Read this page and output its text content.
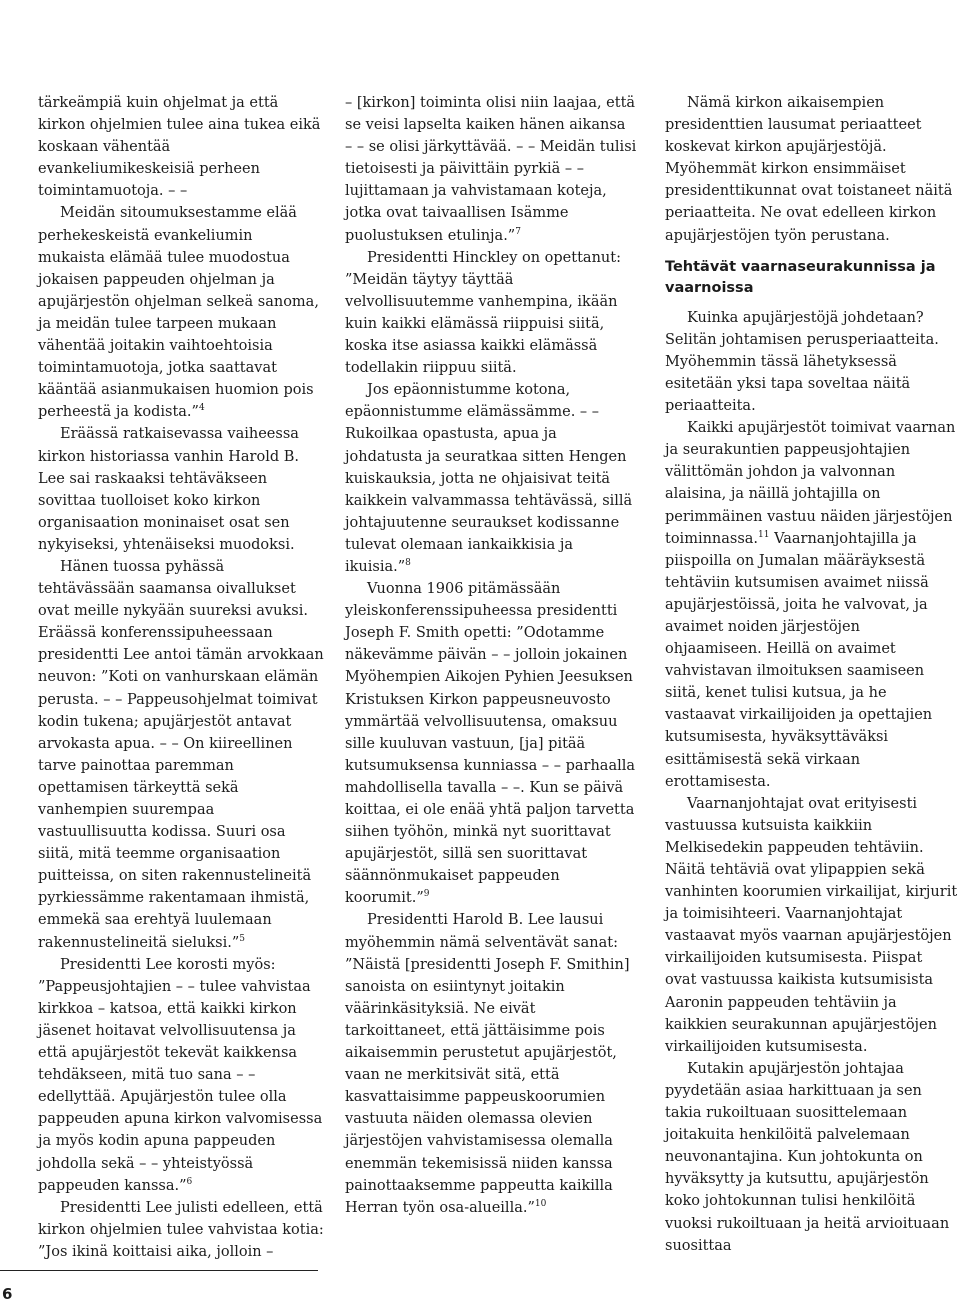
tärkeämpiä kuin ohjelmat ja että kirkon ohjelmien tulee aina tukea eikä koskaan vähentää evankeliumikeskeisiä perheen toimintamuotoja. – –

Meidän sitoumuksestamme elää perhekeskeistä evankeliumin mukaista elämää tulee muodostua jokaisen pappeuden ohjelman ja apujärjestön ohjelman selkeä sanoma, ja meidän tulee tarpeen mukaan vähentää joitakin vaihtoehtoisia toimintamuotoja, jotka saattavat kääntää asianmukaisen huomion pois perheestä ja kodista.”$^4$

Eräässä ratkaisevassa vaiheessa kirkon historiassa vanhin Harold B. Lee sai raskaaksi tehtäväkseen sovittaa tuolloiset koko kirkon organisaation moninaiset osat sen nykyiseksi, yhtenäiseksi muodoksi.

Hänen tuossa pyhässä tehtävässään saamansa oivallukset ovat meille nykyään suureksi avuksi. Eräässä konferenssipuheessaan presidentti Lee antoi tämän arvokkaan neuvon: ”Koti on vanhurskaan elämän perusta. – – Pappeusohjelmat toimivat kodin tukena; apujärjestöt antavat arvokasta apua. – – On kiireellinen tarve painottaa paremman opettamisen tärkeyttä sekä vanhempien suurempaa vastuullisuutta kodissa. Suuri osa siitä, mitä teemme organisaation puitteissa, on siten rakennustelineitä pyrkiessämme rakentamaan ihmistä, emmekä saa erehtyä luulemaan rakennustelineitä sieluksi.”$^5$

Presidentti Lee korosti myös: ”Pappeusjohtajien – – tulee vahvistaa kirkkoa – katsoa, että kaikki kirkon jäsenet hoitavat velvollisuutensa ja että apujärjestöt tekevät kaikkensa tehdäkseen, mitä tuo sana – – edellyttää. Apujärjestön tulee olla pappeuden apuna kirkon valvomisessa ja myös kodin apuna pappeuden johdolla sekä – – yhteistyössä pappeuden kanssa.”$^6$

Presidentti Lee julisti edelleen, että kirkon ohjelmien tulee vahvistaa kotia: ”Jos ikinä koittaisi aika, jolloin –

– [kirkon] toiminta olisi niin laajaa, että se veisi lapselta kaiken hänen aikansa – – se olisi järkyttävää. – – Meidän tulisi tietoisesti ja päivittäin pyrkiä – – lujittamaan ja vahvistamaan koteja, jotka ovat taivaallisen Isämme puolustuksen etulinja.”$^7$

Presidentti Hinckley on opettanut: ”Meidän täytyy täyttää velvollisuutemme vanhempina, ikään kuin kaikki elämässä riippuisi siitä, koska itse asiassa kaikki elämässä todellakin riippuu siitä.

Jos epäonnistumme kotona, epäonnistumme elämässämme. – – Rukoilkaa opastusta, apua ja johdatusta ja seuratkaa sitten Hengen kuiskauksia, jotta ne ohjaisivat teitä kaikkein valvammassa tehtävässä, sillä johtajuutenne seuraukset kodissanne tulevat olemaan iankaikkisia ja ikuisia.”$^8$

Vuonna 1906 pitämässään yleiskonferenssipuheessa presidentti Joseph F. Smith opetti: ”Odotamme näkevämme päivän – – jolloin jokainen Myöhempien Aikojen Pyhien Jeesuksen Kristuksen Kirkon pappeusneuvosto ymmärtää velvollisuutensa, omaksuu sille kuuluvan vastuun, [ja] pitää kutsumuksensa kunniassa – – parhaalla mahdollisella tavalla – –. Kun se päivä koittaa, ei ole enää yhtä paljon tarvetta siihen työhön, minkä nyt suorittavat apujärjestöt, sillä sen suorittavat säännönmukaiset pappeuden koorumit.”$^9$

Presidentti Harold B. Lee lausui myöhemmin nämä selventävät sanat: ”Näistä [presidentti Joseph F. Smithin] sanoista on esiintynyt joitakin väärinkäsityksiä. Ne eivät tarkoittaneet, että jättäisimme pois aikaisemmin perustetut apujärjestöt, vaan ne merkitsivät sitä, että kasvattaisimme pappeuskoorumien vastuuta näiden olemassa olevien järjestöjen vahvistamisessa olemalla enemmän tekemisissä niiden kanssa painottaaksemme pappeutta kaikilla Herran työn osa-alueilla.”$^{10}$

Nämä kirkon aikaisempien presidenttien lausumat periaatteet koskevat kirkon apujärjestöjä. Myöhemmät kirkon ensimmäiset presidenttikunnat ovat toistaneet näitä periaatteita. Ne ovat edelleen kirkon apujärjestöjen työn perustana.

Tehtävät vaarnaseurakunnissa ja vaarnoissa

Kuinka apujärjestöjä johdetaan? Selitän johtamisen perusperiaatteita. Myöhemmin tässä lähetyksessä esitetään yksi tapa soveltaa näitä periaatteita.

Kaikki apujärjestöt toimivat vaarnan ja seurakuntien pappeusjohtajien välittömän johdon ja valvonnan alaisina, ja näillä johtajilla on perimmäinen vastuu näiden järjestöjen toiminnassa.$^{11}$ Vaarnanjohtajilla ja piispoilla on Jumalan määräyksestä tehtäviin kutsumisen avaimet niissä apujärjestöissä, joita he valvovat, ja avaimet noiden järjestöjen ohjaamiseen. Heillä on avaimet vahvistavan ilmoituksen saamiseen siitä, kenet tulisi kutsua, ja he vastaavat virkailijoiden ja opettajien kutsumisesta, hyväksyttäväksi esittämisestä sekä virkaan erottamisesta.

Vaarnanjohtajat ovat erityisesti vastuussa kutsuista kaikkiin Melkisedekin pappeuden tehtäviin. Näitä tehtäviä ovat ylipappien sekä vanhinten koorumien virkailijat, kirjurit ja toimisihteeri. Vaarnanjohtajat vastaavat myös vaarnan apujärjestöjen virkailijoiden kutsumisesta. Piispat ovat vastuussa kaikista kutsumisista Aaronin pappeuden tehtäviin ja kaikkien seurakunnan apujärjestöjen virkailijoiden kutsumisesta.

Kutakin apujärjestön johtajaa pyydetään asiaa harkittuaan ja sen takia rukoiltuaan suosittelemaan joitakuita henkilöitä palvelemaan neuvonantajina. Kun johtokunta on hyväksytty ja kutsuttu, apujärjestön koko johtokunnan tulisi henkilöitä vuoksi rukoiltuaan ja heitä arvioituaan suosittaa

6
